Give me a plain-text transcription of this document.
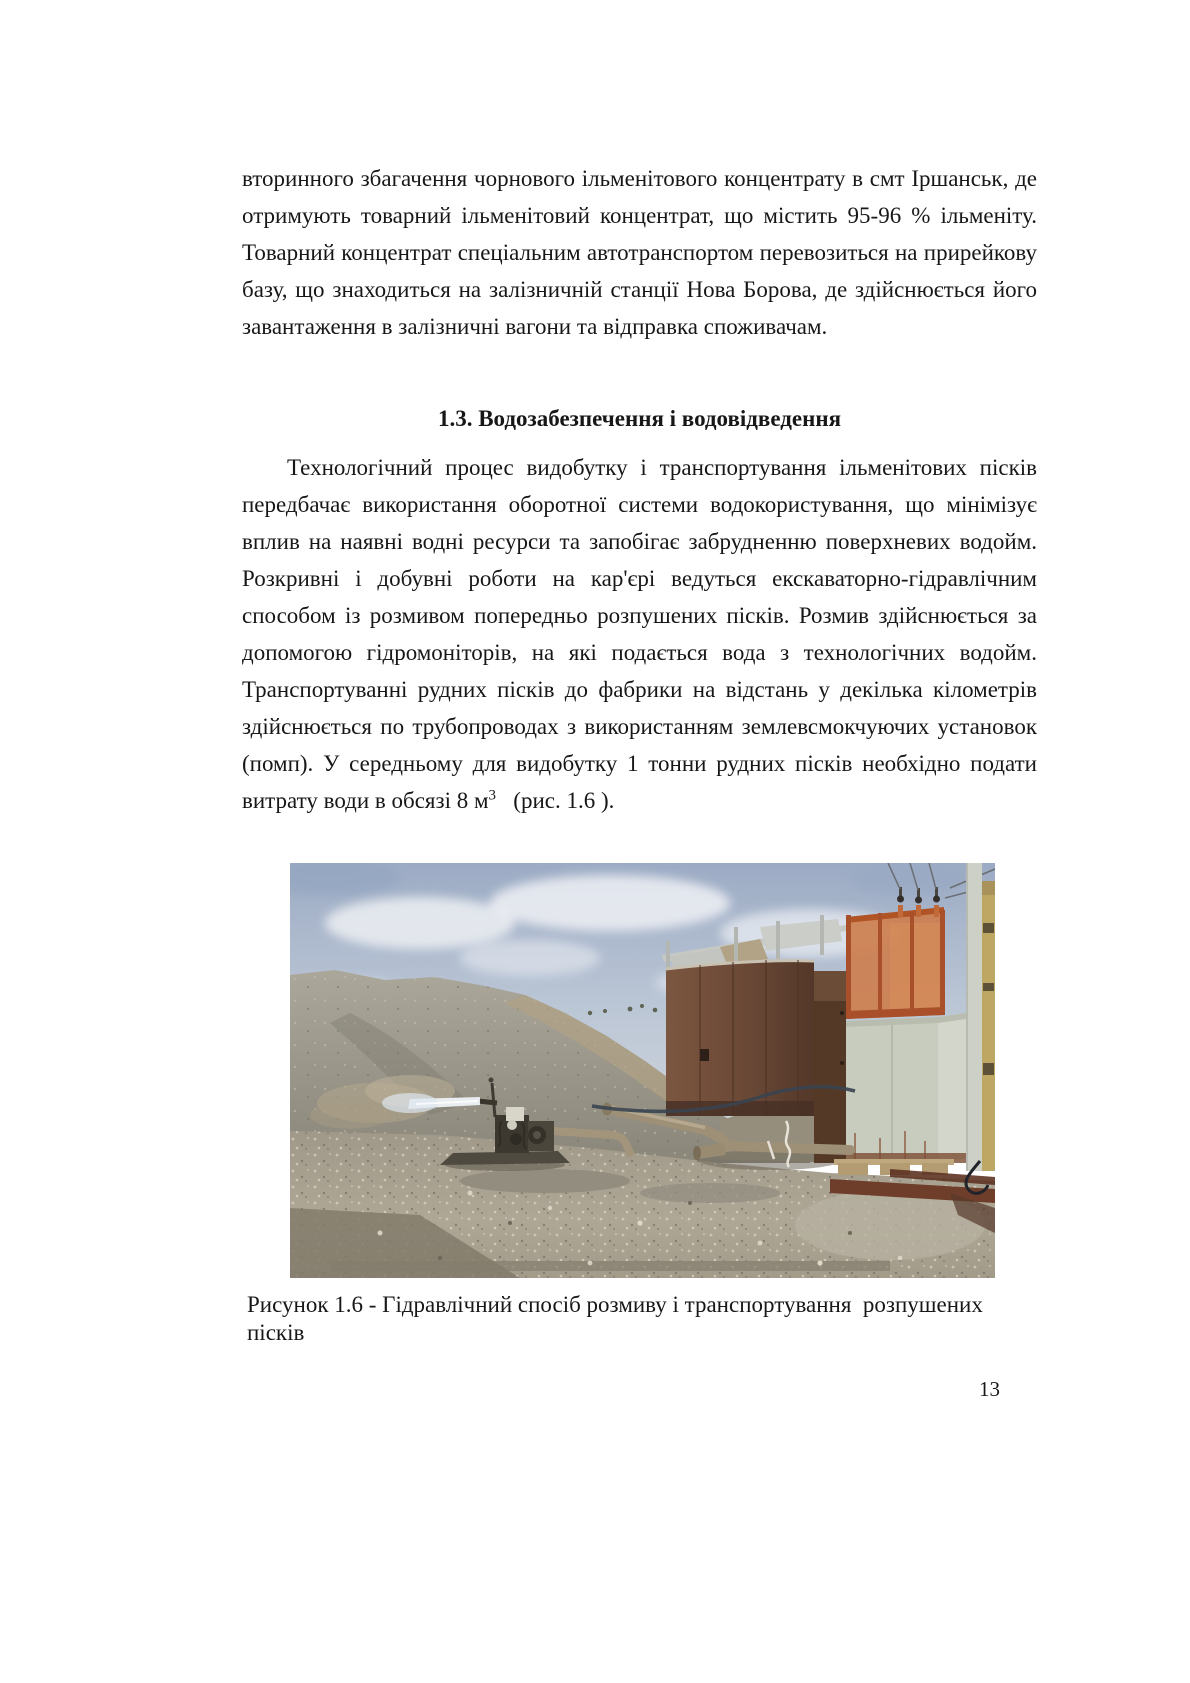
вторинного збагачення чорнового ільменітового концентрату в смт Іршанськ, де
отримують товарний ільменітовий концентрат, що містить 95-96 % ільменіту.
Товарний концентрат спеціальним автотранспортом перевозиться на прирейкову
базу, що знаходиться на залізничній станції Нова Борова, де здійснюється його
завантаження в залізничні вагони та відправка споживачам.
1.3. Водозабезпечення і водовідведення
Технологічний процес видобутку і транспортування ільменітових пісків
передбачає використання оборотної системи водокористування, що мінімізує
вплив на наявні водні ресурси та запобігає забрудненню поверхневих водойм.
Розкривні і добувні роботи на кар'єрі ведуться екскаваторно-гідравлічним
способом із розмивом попередньо розпушених пісків. Розмив здійснюється за
допомогою гідромоніторів, на які подається вода з технологічних водойм.
Транспортуванні рудних пісків до фабрики на відстань у декілька кілометрів
здійснюється по трубопроводах з використанням землевсмокчуючих установок
(помп). У середньому для видобутку 1 тонни рудних пісків необхідно подати
витрату води в обсязі 8 $м^3$   (рис. 1.6 ).
Рисунок 1.6 - Гідравлічний спосіб розмиву і транспортування  розпушених пісків
13
